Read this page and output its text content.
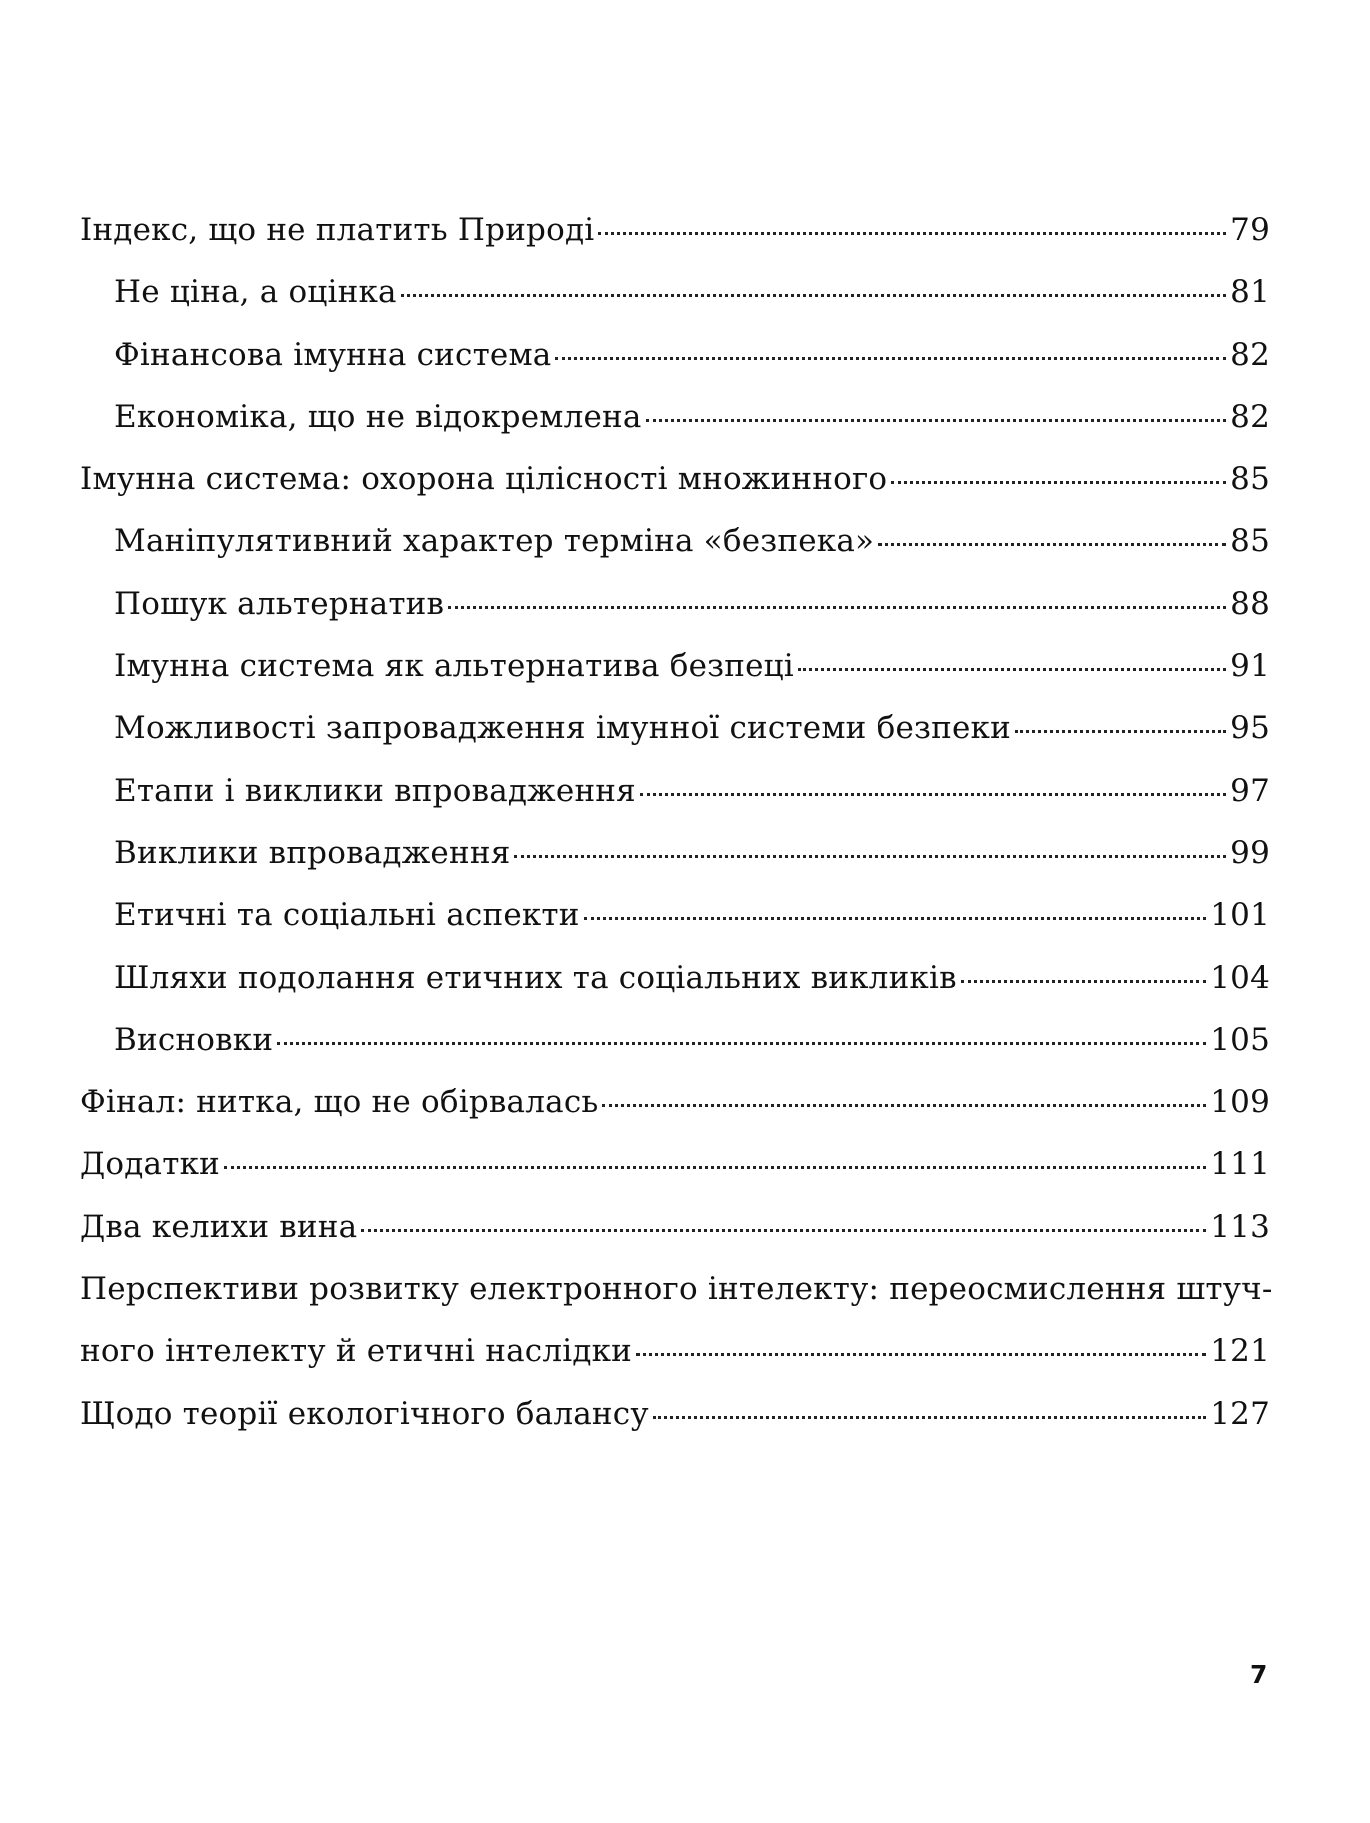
Індекс, що не платить Природі	79
Не ціна, а оцінка	81
Фінансова імунна система	82
Економіка, що не відокремлена	82
Імунна система: охорона цілісності множинного	85
Маніпулятивний характер терміна «безпека»	85
Пошук альтернатив	88
Імунна система як альтернатива безпеці	91
Можливості запровадження імунної системи безпеки	95
Етапи і виклики впровадження	97
Виклики впровадження	99
Етичні та соціальні аспекти	101
Шляхи подолання етичних та соціальних викликів	104
Висновки	105
Фінал: нитка, що не обірвалась	109
Додатки	111
Два келихи вина	113
Перспективи розвитку електронного інтелекту: переосмислення штуч-
ного інтелекту й етичні наслідки	121
Щодо теорії екологічного балансу	127
7
